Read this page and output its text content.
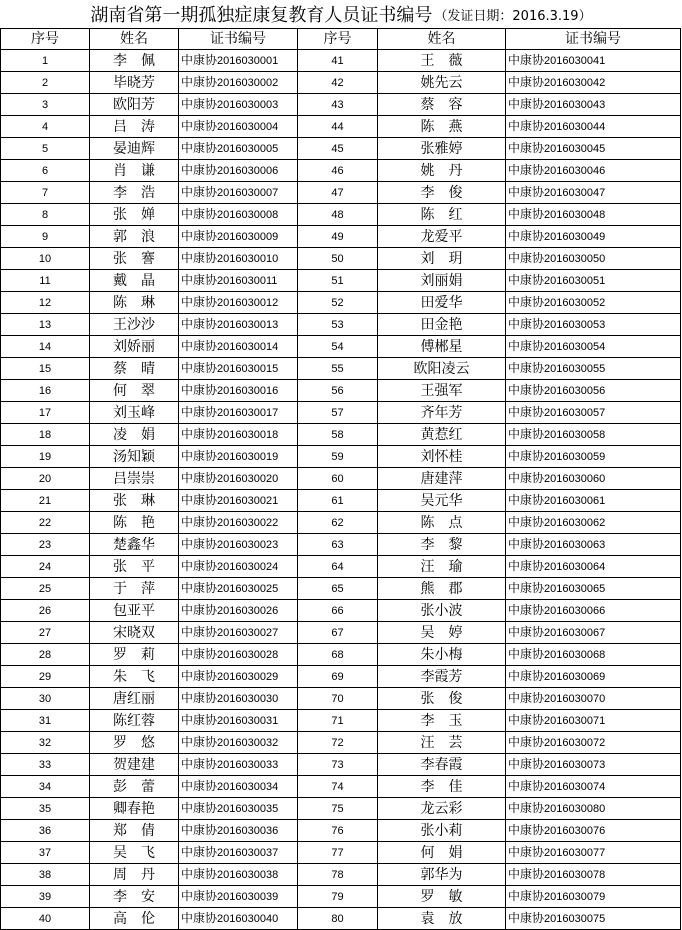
湖南省第一期孤独症康复教育人员证书编号 （发证日期：2016.3.19）
序号	姓名	证书编号	序号	姓名	证书编号
1	李　佩	中康协2016030001	41	王　薇	中康协2016030041
2	毕晓芳	中康协2016030002	42	姚先云	中康协2016030042
3	欧阳芳	中康协2016030003	43	蔡　容	中康协2016030043
4	吕　涛	中康协2016030004	44	陈　燕	中康协2016030044
5	晏迪辉	中康协2016030005	45	张雅婷	中康协2016030045
6	肖　谦	中康协2016030006	46	姚　丹	中康协2016030046
7	李　浩	中康协2016030007	47	李　俊	中康协2016030047
8	张　婵	中康协2016030008	48	陈　红	中康协2016030048
9	郭　浪	中康协2016030009	49	龙爱平	中康协2016030049
10	张　謇	中康协2016030010	50	刘　玥	中康协2016030050
11	戴　晶	中康协2016030011	51	刘丽娟	中康协2016030051
12	陈　琳	中康协2016030012	52	田爱华	中康协2016030052
13	王沙沙	中康协2016030013	53	田金艳	中康协2016030053
14	刘娇丽	中康协2016030014	54	傅郴星	中康协2016030054
15	蔡　晴	中康协2016030015	55	欧阳凌云	中康协2016030055
16	何　翠	中康协2016030016	56	王强军	中康协2016030056
17	刘玉峰	中康协2016030017	57	齐年芳	中康协2016030057
18	凌　娟	中康协2016030018	58	黄惹红	中康协2016030058
19	汤知颖	中康协2016030019	59	刘怀桂	中康协2016030059
20	吕崇崇	中康协2016030020	60	唐建萍	中康协2016030060
21	张　琳	中康协2016030021	61	吴元华	中康协2016030061
22	陈　艳	中康协2016030022	62	陈　点	中康协2016030062
23	楚鑫华	中康协2016030023	63	李　黎	中康协2016030063
24	张　平	中康协2016030024	64	汪　瑜	中康协2016030064
25	于　萍	中康协2016030025	65	熊　郡	中康协2016030065
26	包亚平	中康协2016030026	66	张小波	中康协2016030066
27	宋晓双	中康协2016030027	67	吴　婷	中康协2016030067
28	罗　莉	中康协2016030028	68	朱小梅	中康协2016030068
29	朱　飞	中康协2016030029	69	李霞芳	中康协2016030069
30	唐红丽	中康协2016030030	70	张　俊	中康协2016030070
31	陈红蓉	中康协2016030031	71	李　玉	中康协2016030071
32	罗　悠	中康协2016030032	72	汪　芸	中康协2016030072
33	贺建建	中康协2016030033	73	李春霞	中康协2016030073
34	彭　蕾	中康协2016030034	74	李　佳	中康协2016030074
35	卿春艳	中康协2016030035	75	龙云彩	中康协2016030080
36	郑　倩	中康协2016030036	76	张小莉	中康协2016030076
37	吴　飞	中康协2016030037	77	何　娟	中康协2016030077
38	周　丹	中康协2016030038	78	郭华为	中康协2016030078
39	李　安	中康协2016030039	79	罗　敏	中康协2016030079
40	高　伦	中康协2016030040	80	袁　放	中康协2016030075
